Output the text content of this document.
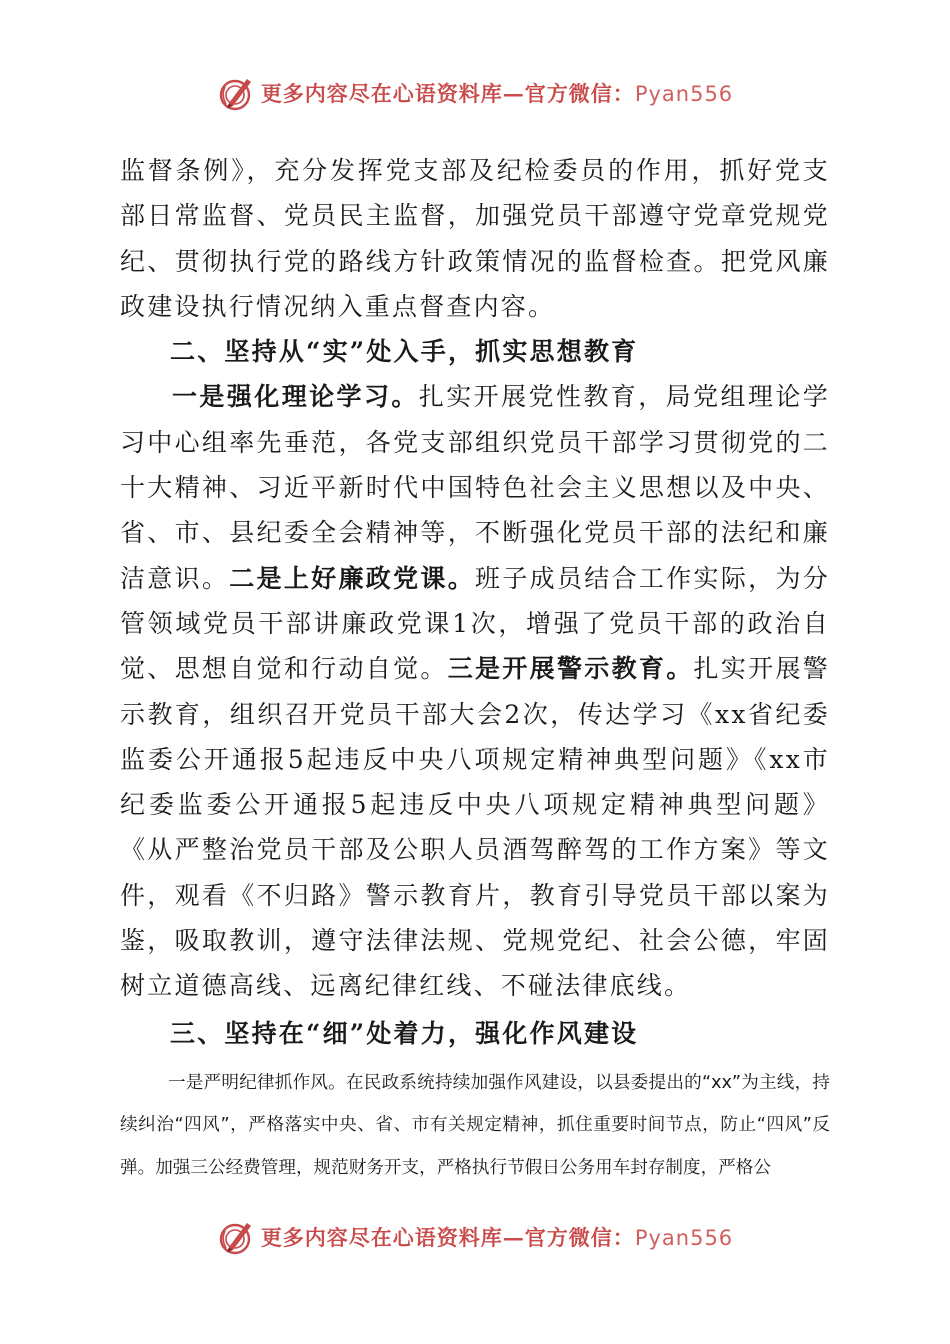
更多内容尽在心语资料库—官方微信：Pyan556

监督条例》，充分发挥党支部及纪检委员的作用，抓好党支部日常监督、党员民主监督，加强党员干部遵守党章党规党纪、贯彻执行党的路线方针政策情况的监督检查。把党风廉政建设执行情况纳入重点督查内容。

二、坚持从“实”处入手，抓实思想教育

一是强化理论学习。扎实开展党性教育，局党组理论学习中心组率先垂范，各党支部组织党员干部学习贯彻党的二十大精神、习近平新时代中国特色社会主义思想以及中央、省、市、县纪委全会精神等，不断强化党员干部的法纪和廉洁意识。二是上好廉政党课。班子成员结合工作实际，为分管领域党员干部讲廉政党课1次，增强了党员干部的政治自觉、思想自觉和行动自觉。三是开展警示教育。扎实开展警示教育，组织召开党员干部大会2次，传达学习《xx省纪委监委公开通报5起违反中央八项规定精神典型问题》《xx市纪委监委公开通报5起违反中央八项规定精神典型问题》《从严整治党员干部及公职人员酒驾醉驾的工作方案》等文件，观看《不归路》警示教育片，教育引导党员干部以案为鉴，吸取教训，遵守法律法规、党规党纪、社会公德，牢固树立道德高线、远离纪律红线、不碰法律底线。

三、坚持在“细”处着力，强化作风建设

一是严明纪律抓作风。在民政系统持续加强作风建设，以县委提出的“xx”为主线，持续纠治“四风”，严格落实中央、省、市有关规定精神，抓住重要时间节点，防止“四风”反弹。加强三公经费管理，规范财务开支，严格执行节假日公务用车封存制度，严格公

更多内容尽在心语资料库—官方微信：Pyan556
